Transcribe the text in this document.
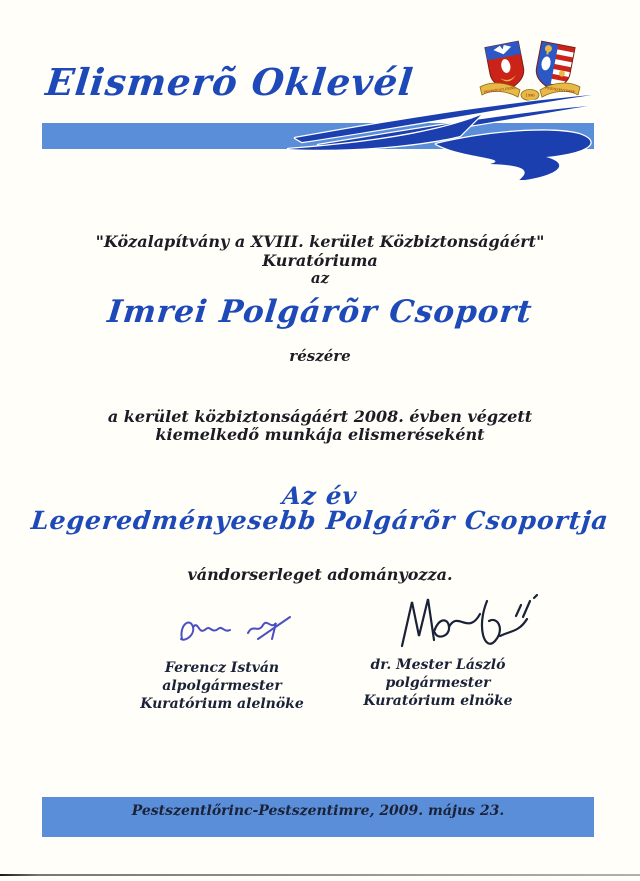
Elismerõ Oklevél	PESTSZENTLŐRINC
1996
PESTSZENTIMRE
"Közalapítvány a XVIII. kerület Közbiztonságáért"
Kuratóriuma
az
Imrei Polgárõr Csoport
részére
a kerület közbiztonságáért 2008. évben végzett
kiemelkedő munkája elismeréseként
Az év
Legeredményesebb Polgárõr Csoportja
vándorserleget adományozza.
Ferencz István
alpolgármester
Kuratórium alelnöke
dr. Mester László
polgármester
Kuratórium elnöke
Pestszentlőrinc-Pestszentimre, 2009. május 23.
